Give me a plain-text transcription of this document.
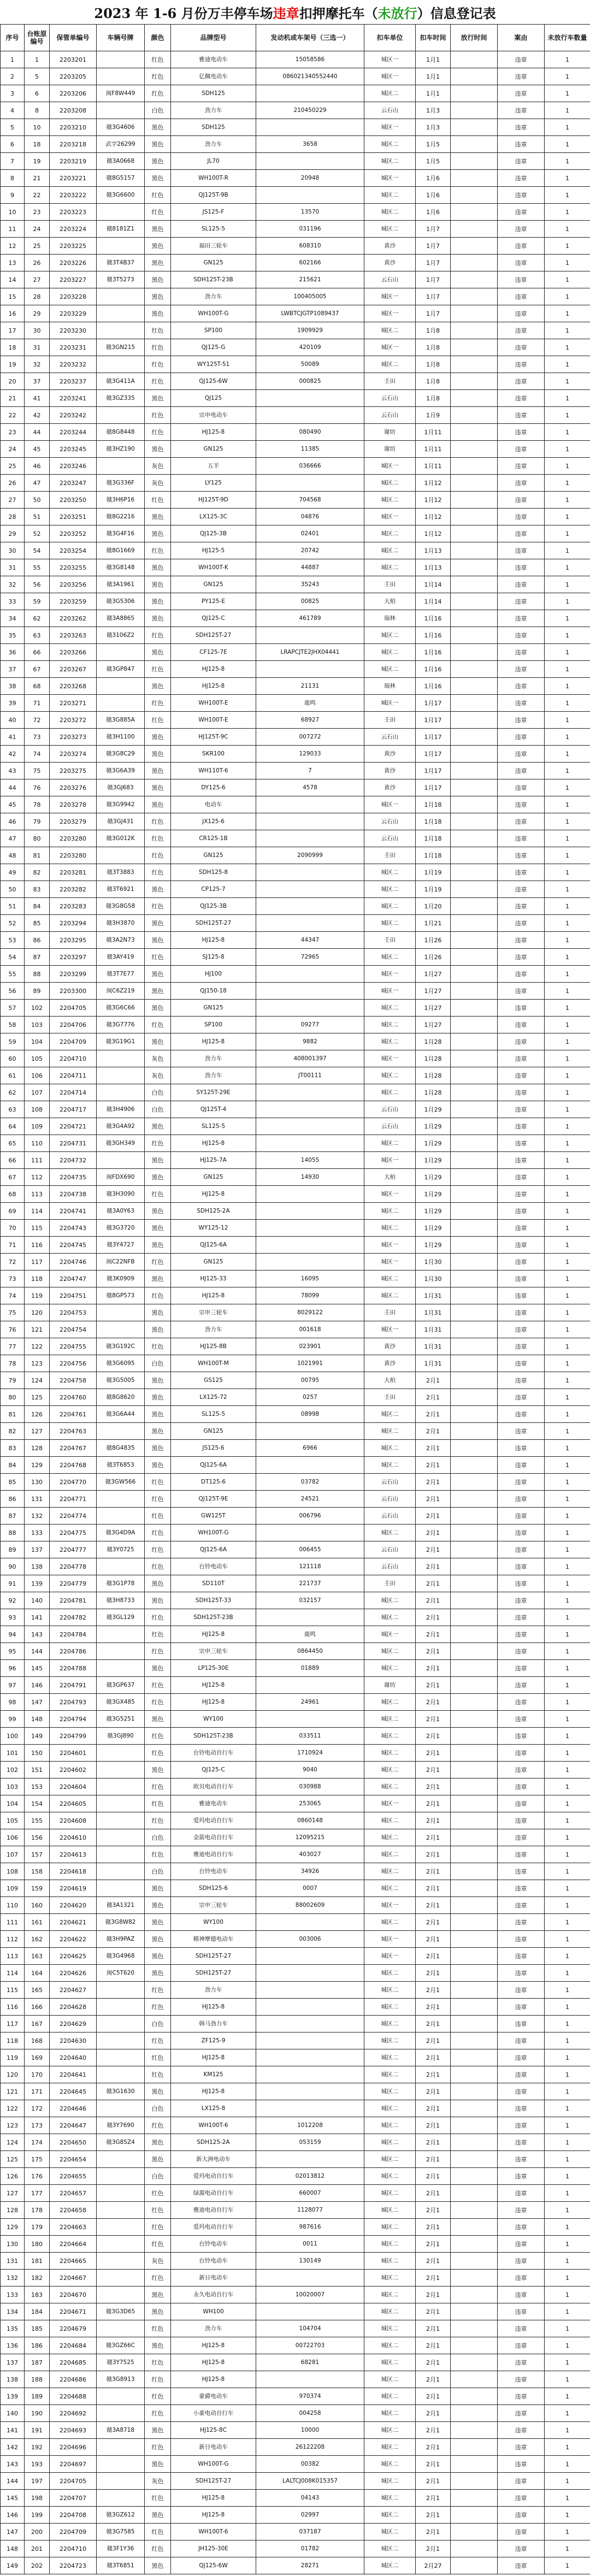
2023 年 1-6 月份万丰停车场 违章 扣押摩托车（ 未放行 ）信息登记表
序号	台账原编号	保管单编号	车辆号牌	颜色	品牌型号	发动机或车架号（三选一）	扣车单位	扣车时间	放行时间	案由	未放行车数量
1	1	2203201		红色	雅迪电动车	15058586	城区一	1月1		违章	1
2	5	2203205		红色	亿佩电动车	086021340552440	城区一	1月1		违章	1
3	6	2203206	闽F8W449	红色	SDH125		城区二	1月1		违章	1
4	8	2203208		白色	劲力车	210450229	云石山	1月3		违章	1
5	10	2203210	赣3G4606	黑色	SDH125		城区一	1月3		违章	1
6	18	2203218	武字26299	黑色	劲力车	3658	城区二	1月5		违章	1
7	19	2203219	赣3A0668	黑色	JL70		城区二	1月5		违章	1
8	21	2203221	赣8G5157	黑色	WH100T-R	20948	城区一	1月6		违章	1
9	22	2203222	赣3G6600	红色	QJ125T-9B		城区二	1月6		违章	1
10	23	2203223		红色	JS125-F	13570	城区二	1月6		违章	1
11	24	2203224	赣8181Z1	黑色	SL125-5	031196	城区二	1月7		违章	1
12	25	2203225		黑色	福田三轮车	608310	黄沙	1月7		违章	1
13	26	2203226	赣3T4B37	黑色	GN125	602166	黄沙	1月7		违章	1
14	27	2203227	赣3T5273	黑色	SDH125T-23B	215621	云石山	1月7		违章	1
15	28	2203228		黑色	劲力车	100405005	城区一	1月7		违章	1
16	29	2203229		黑色	WH100T-G	LWBTCJGTP1089437	城区一	1月7		违章	1
17	30	2203230		红色	SP100	1909929	城区二	1月8		违章	1
18	31	2203231	赣3GN215	红色	QJ125-G	420109	城区一	1月8		违章	1
19	32	2203232		红色	WY125T-51	50089	城区二	1月8		违章	1
20	37	2203237	赣3G411A	红色	QJ125-6W	000825	壬田	1月8		违章	1
21	41	2203241	赣3GZ335	黑色	QJ125		云石山	1月8		违章	1
22	42	2203242		红色	宗申电动车		云石山	1月9		违章	1
23	44	2203244	赣8G8448	红色	HJ125-8	080490	谢坊	1月11		违章	1
24	45	2203245	赣3HZ190	黑色	GN125	11385	谢坊	1月11		违章	1
25	46	2203246		灰色	五羊	036666	城区一	1月11		违章	1
26	47	2203247	赣3G336F	灰色	LY125		城区二	1月12		违章	1
27	50	2203250	赣3H6P16	红色	HJ125T-9D	704568	城区二	1月12		违章	1
28	51	2203251	赣8G2216	黑色	LX125-3C	04876	城区一	1月12		违章	1
29	52	2203252	赣3G4F16	黑色	QJ125-3B	02401	城区二	1月12		违章	1
30	54	2203254	赣8G1669	红色	HJ125-5	20742	城区二	1月13		违章	1
31	55	2203255	赣3G8148	黑色	WH100T-K	44887	城区二	1月13		违章	1
32	56	2203256	赣3A1961	黑色	GN125	35243	壬田	1月14		违章	1
33	59	2203259	赣3G5306	黑色	PY125-E	00825	大柏	1月14		违章	1
34	62	2203262	赣3A8865	黑色	QJ125-C	461789	瑞林	1月16		违章	1
35	63	2203263	赣3106Z2	红色	SDH125T-27		城区二	1月16		违章	1
36	66	2203266		黑色	CF125-7E	LRAPCJTE2JHX04441	城区二	1月16		违章	1
37	67	2203267	赣3GP847	红色	HJ125-8		城区二	1月16		违章	1
38	68	2203268		黑色	HJ125-8	21131	瑞林	1月16		违章	1
39	71	2203271		红色	WH100T-E	鹿鸣	城区一	1月17		违章	1
40	72	2203272	赣3G885A	红色	WH100T-E	68927	壬田	1月17		违章	1
41	73	2203273	赣3H1100	黑色	HJ125T-9C	007272	云石山	1月17		违章	1
42	74	2203274	赣3G8C29	黑色	SKR100	129033	黄沙	1月17		违章	1
43	75	2203275	赣3G6A39	黑色	WH110T-6	7	黄沙	1月17		违章	1
44	76	2203276	赣3GJ683	黑色	DY125-6	4578	黄沙	1月17		违章	1
45	78	2203278	赣3G9942	黑色	电动车		城区一	1月18		违章	1
46	79	2203279	赣3GJ431	红色	JX125-6		云石山	1月18		违章	1
47	80	2203280	赣3G012K	红色	CR125-1B		云石山	1月18		违章	1
48	81	2203280		红色	GN125	2090999	壬田	1月18		违章	1
49	82	2203281	赣3T3883	红色	SDH125-8		城区二	1月19		违章	1
50	83	2203282	赣3T6921	黑色	CP125-7		城区二	1月19		违章	1
51	84	2203283	赣3G8G58	红色	QJ125-3B		城区二	1月20		违章	1
52	85	2203294	赣3H3870	黑色	SDH125T-27		城区二	1月21		违章	1
53	86	2203295	赣3A2N73	黑色	HJ125-8	44347	壬田	1月26		违章	1
54	87	2203297	赣3AY419	红色	SJ125-8	72965	城区二	1月26		违章	1
55	88	2203299	赣3T7E77	黑色	HJ100		城区一	1月27		违章	1
56	89	2203300	闽C6Z219	黑色	QJ150-18		城区一	1月27		违章	1
57	102	2204705	赣3G6C66	黑色	GN125		城区二	1月27		违章	1
58	103	2204706	赣3G7776	红色	SP100	09277	城区二	1月27		违章	1
59	104	2204709	赣3G19G1	黑色	HJ125-8	9882	城区二	1月28		违章	1
60	105	2204710		灰色	劲力车	408001397	城区一	1月28		违章	1
61	106	2204711		灰色	劲力车	JT00111	城区二	1月28		违章	1
62	107	2204714		白色	SY125T-29E		城区二	1月28		违章	1
63	108	2204717	赣3H4906	白色	QJ125T-4		云石山	1月29		违章	1
64	109	2204721	赣3G4A92	黑色	SL125-5		云石山	1月29		违章	1
65	110	2204731	赣3GH349	红色	HJ125-8		城区二	1月29		违章	1
66	111	2204732		黑色	HJ125-7A	14055	城区一	1月29		违章	1
67	112	2204735	闽FDX690	黑色	GN125	14930	大柏	1月29		违章	1
68	113	2204738	赣3H3090	红色	HJ125-8		城区一	1月29		违章	1
69	114	2204741	赣3A0Y63	黑色	SDH125-2A		城区二	1月29		违章	1
70	115	2204743	赣3G3720	黑色	WY125-12		城区二	1月29		违章	1
71	116	2204745	赣3Y4727	黑色	QJ125-6A		城区一	1月29		违章	1
72	117	2204746	闽C22NFB	红色	GN125		城区一	1月30		违章	1
73	118	2204747	赣3K0909	黑色	HJ125-33	16095	城区二	1月30		违章	1
74	119	2204751	赣8GP573	红色	HJ125-8	78099	城区二	1月31		违章	1
75	120	2204753		黑色	宗申三轮车	8029122	壬田	1月31		违章	1
76	121	2204754		黑色	劲力车	001618	城区一	1月31		违章	1
77	122	2204755	赣3G192C	红色	HJ125-8B	023901	黄沙	1月31		违章	1
78	123	2204756	赣3G6095	白色	WH100T-M	1021991	黄沙	1月31		违章	1
79	124	2204758	赣3G5005	黑色	GS125	00795	大柏	2月1		违章	1
80	125	2204760	赣8G8620	黑色	LX125-72	0257	壬田	2月1		违章	1
81	126	2204761	赣3G6A44	黑色	SL125-5	08998	城区二	2月1		违章	1
82	127	2204763		黑色	GN125		城区二	2月1		违章	1
83	128	2204767	赣8G4835	黑色	JS125-6	6966	城区二	2月1		违章	1
84	129	2204768	赣3T6853	黑色	QJ125-6A		城区二	2月1		违章	1
85	130	2204770	赣3GW566	红色	DT125-6	03782	云石山	2月1		违章	1
86	131	2204771		红色	QJ125T-9E	24521	云石山	2月1		违章	1
87	132	2204774		红色	GW125T	006796	云石山	2月1		违章	1
88	133	2204775	赣3G4D9A	红色	WH100T-G		城区二	2月1		违章	1
89	137	2204777	赣3Y0725	红色	QJ125-6A	006455	云石山	2月1		违章	1
90	138	2204778		红色	台铃电动车	121118	云石山	2月1		违章	1
91	139	2204779	赣3G1P78	黑色	SD110T	221737	壬田	2月1		违章	1
92	140	2204781	赣3H8733	黑色	SDH125T-33	032157	城区二	2月1		违章	1
93	141	2204782	赣3GL129	红色	SDH125T-23B		城区二	2月1		违章	1
94	143	2204784		红色	HJ125-8	鹿鸣	城区一	2月1		违章	1
95	144	2204786		红色	宗申三轮车	0864450	城区二	2月1		违章	1
96	145	2204788		黑色	LP125-30E	01889	城区二	2月1		违章	1
97	146	2204791	赣3GP637	红色	HJ125-8		谢坊	2月1		违章	1
98	147	2204793	赣3GX485	红色	HJ125-8	24961	城区二	2月1		违章	1
99	148	2204794	赣3G5251	黑色	WY100		城区二	2月1		违章	1
100	149	2204799	赣3GJ890	红色	SDH125T-23B	033511	城区二	2月1		违章	1
101	150	2204601		红色	台铃电动自行车	1710924	城区二	2月1		违章	1
102	151	2204602		黑色	QJ125-C	9040	城区二	2月1		违章	1
103	153	2204604		红色	欧贝电动自行车	030988	城区二	2月1		违章	1
104	154	2204605		红色	雅迪电动车	253065	城区一	2月1		违章	1
105	155	2204608		红色	爱玛电动自行车	0860148	城区二	2月1		违章	1
106	156	2204610		白色	金箭电动自行车	12095215	城区二	2月1		违章	1
107	157	2204613		红色	雅迪电动自行车	403027	城区二	2月1		违章	1
108	158	2204618		白色	台铃电动车	34926	城区二	2月1		违章	1
109	159	2204619		黑色	SDH125-6	0007	城区二	2月1		违章	1
110	160	2204620	赣3A1321	黑色	宗申三轮车	88002609	城区一	2月1		违章	1
111	161	2204621	赣3G8W82	黑色	WY100		城区二	2月1		违章	1
112	162	2204622	赣3H9PAZ	黑色	精神摩德电动车	003006	城区一	2月1		违章	1
113	163	2204625	赣3G4968	黑色	SDH125T-27		城区一	2月1		违章	1
114	164	2204626	闽C5T620	黑色	SDH125T-27		城区二	2月1		违章	1
115	165	2204627		红色	劲力车		城区二	2月1		违章	1
116	166	2204628		红色	HJ125-8		城区二	2月1		违章	1
117	167	2204629		白色	韩马劲力车		城区二	2月1		违章	1
118	168	2204630		红色	ZF125-9		城区二	2月1		违章	1
119	169	2204640		红色	HJ125-8		城区二	2月1		违章	1
120	170	2204641		红色	KM125		城区二	2月1		违章	1
121	171	2204645	赣3G1630	黑色	HJ125-8		城区二	2月1		违章	1
122	172	2204646		白色	LX125-8		城区二	2月1		违章	1
123	173	2204647	赣3Y7690	红色	WH100T-6	1012208	城区二	2月1		违章	1
124	174	2204650	赣3G85Z4	黑色	SDH125-2A	053159	城区二	2月1		违章	1
125	175	2204654		黑色	新大洲电动车		城区二	2月1		违章	1
126	176	2204655		白色	爱玛电动自行车	02013812	城区二	2月1		违章	1
127	177	2204657		红色	绿源电动自行车	660007	城区二	2月1		违章	1
128	178	2204658		红色	雅迪电动自行车	1128077	城区二	2月1		违章	1
129	179	2204663		红色	爱玛电动自行车	987616	城区二	2月1		违章	1
130	180	2204664		红色	台铃电动车	0011	城区二	2月1		违章	1
131	181	2204665		灰色	台铃电动车	130149	城区二	2月1		违章	1
132	182	2204667		红色	新日电动车		城区二	2月1		违章	1
133	183	2204670		黑色	永久电动自行车	10020007	城区二	2月1		违章	1
134	184	2204671	赣3G3D65	黑色	WH100		城区二	2月1		违章	1
135	185	2204679		红色	劲力车	104704	城区二	2月1		违章	1
136	186	2204684	赣3GZ66C	黑色	HJ125-8	00722703	城区二	2月1		违章	1
137	187	2204685	赣3Y7525	红色	HJ125-8	68281	城区二	2月1		违章	1
138	188	2204686	赣3G8913	红色	HJ125-8		城区二	2月1		违章	1
139	189	2204688		红色	豪爵电动车	970374	城区二	2月1		违章	1
140	190	2204692		红色	小豪电动自行车	004258	城区二	2月1		违章	1
141	191	2204693	赣3A8718	黑色	HJ125-8C	10000	城区二	2月1		违章	1
142	192	2204696		红色	新日电动车	26122208	城区二	2月1		违章	1
143	193	2204697		黑色	WH100T-G	00382	城区二	2月1		违章	1
144	197	2204705		灰色	SDH125T-27	LALTCJ008K015357	城区二	2月1		违章	1
145	198	2204707		红色	HJ125-8	04143	城区二	2月1		违章	1
146	199	2204708	赣3GZ612	黑色	HJ125-8	02997	城区二	2月1		违章	1
147	200	2204709	赣3G7585	红色	WH100T-6	037187	城区二	2月1		违章	1
148	201	2204710	赣3F1Y36	红色	JH125-30E	01782	城区二	2月1		违章	1
149	202	2204723	赣3T6851	黑色	QJ125-6W	28271	城区二	2月27		违章	1
